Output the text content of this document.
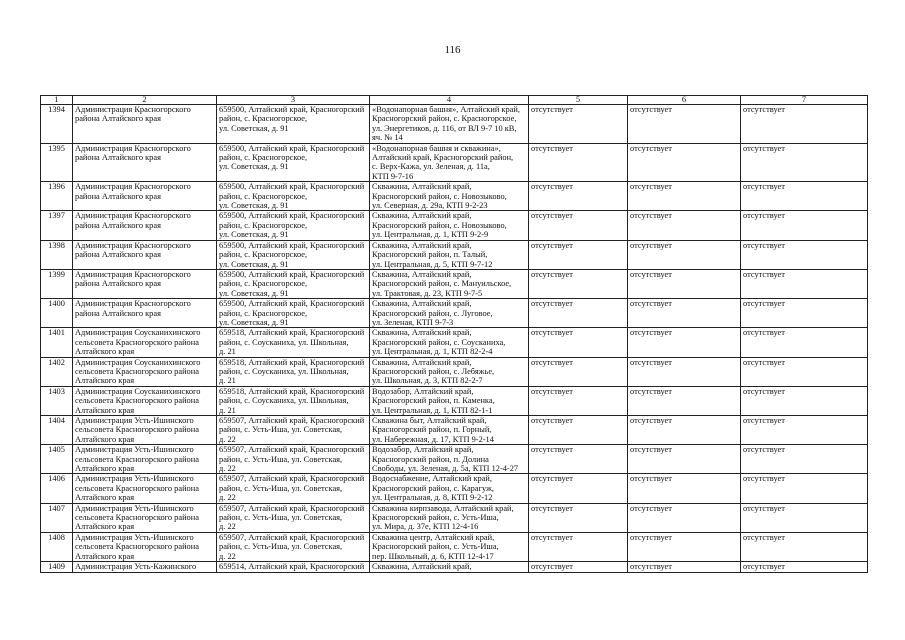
116
1	2	3	4	5	6	7
1394	Администрация Красногорского
района Алтайского края	659500, Алтайский край, Красногорский
район, с. Красногорское,
ул. Советская, д. 91	«Водонапорная башня», Алтайский край,
Красногорский район, с. Красногорское,
ул. Энергетиков, д. 116, от ВЛ 9-7 10 кВ,
яч. № 14	отсутствует	отсутствует	отсутствует
1395	Администрация Красногорского
района Алтайского края	659500, Алтайский край, Красногорский
район, с. Красногорское,
ул. Советская, д. 91	«Водонапорная башня и скважина»,
Алтайский край, Красногорский район,
с. Верх-Кажа, ул. Зеленая, д. 11а,
КТП 9-7-16	отсутствует	отсутствует	отсутствует
1396	Администрация Красногорского
района Алтайского края	659500, Алтайский край, Красногорский
район, с. Красногорское,
ул. Советская, д. 91	Скважина, Алтайский край,
Красногорский район, с. Новозыково,
ул. Северная, д. 29а, КТП 9-2-23	отсутствует	отсутствует	отсутствует
1397	Администрация Красногорского
района Алтайского края	659500, Алтайский край, Красногорский
район, с. Красногорское,
ул. Советская, д. 91	Скважина, Алтайский край,
Красногорский район, с. Новозыково,
ул. Центральная, д. 1, КТП 9-2-9	отсутствует	отсутствует	отсутствует
1398	Администрация Красногорского
района Алтайского края	659500, Алтайский край, Красногорский
район, с. Красногорское,
ул. Советская, д. 91	Скважина, Алтайский край,
Красногорский район, п. Талый,
ул. Центральная, д. 5, КТП 9-7-12	отсутствует	отсутствует	отсутствует
1399	Администрация Красногорского
района Алтайского края	659500, Алтайский край, Красногорский
район, с. Красногорское,
ул. Советская, д. 91	Скважина, Алтайский край,
Красногорский район, с. Мануильское,
ул. Трактовая, д. 23, КТП 9-7-5	отсутствует	отсутствует	отсутствует
1400	Администрация Красногорского
района Алтайского края	659500, Алтайский край, Красногорский
район, с. Красногорское,
ул. Советская, д. 91	Скважина, Алтайский край,
Красногорский район, с. Луговое,
ул. Зеленая, КТП 9-7-3	отсутствует	отсутствует	отсутствует
1401	Администрация Соусканихинского
сельсовета Красногорского района
Алтайского края	659518, Алтайский край, Красногорский
район, с. Соусканиха, ул. Школьная,
д. 21	Скважина, Алтайский край,
Красногорский район, с. Соусканиха,
ул. Центральная, д. 1, КТП 82-2-4	отсутствует	отсутствует	отсутствует
1402	Администрация Соусканихинского
сельсовета Красногорского района
Алтайского края	659518, Алтайский край, Красногорский
район, с. Соусканиха, ул. Школьная,
д. 21	Скважина, Алтайский край,
Красногорский район, с. Лебяжье,
ул. Школьная, д. 3, КТП 82-2-7	отсутствует	отсутствует	отсутствует
1403	Администрация Соусканихинского
сельсовета Красногорского района
Алтайского края	659518, Алтайский край, Красногорский
район, с. Соусканиха, ул. Школьная,
д. 21	Водозабор, Алтайский край,
Красногорский район, п. Каменка,
ул. Центральная, д. 1, КТП 82-1-1	отсутствует	отсутствует	отсутствует
1404	Администрация Усть-Ишинского
сельсовета Красногорского района
Алтайского края	659507, Алтайский край, Красногорский
район, с. Усть-Иша, ул. Советская,
д. 22	Скважина быт, Алтайский край,
Красногорский район, п. Горный,
ул. Набережная, д. 17, КТП 9-2-14	отсутствует	отсутствует	отсутствует
1405	Администрация Усть-Ишинского
сельсовета Красногорского района
Алтайского края	659507, Алтайский край, Красногорский
район, с. Усть-Иша, ул. Советская,
д. 22	Водозабор, Алтайский край,
Красногорский район, п. Долина
Свободы, ул. Зеленая, д. 5а, КТП 12-4-27	отсутствует	отсутствует	отсутствует
1406	Администрация Усть-Ишинского
сельсовета Красногорского района
Алтайского края	659507, Алтайский край, Красногорский
район, с. Усть-Иша, ул. Советская,
д. 22	Водоснабжение, Алтайский край,
Красногорский район, с. Карагуж,
ул. Центральная, д. 8, КТП 9-2-12	отсутствует	отсутствует	отсутствует
1407	Администрация Усть-Ишинского
сельсовета Красногорского района
Алтайского края	659507, Алтайский край, Красногорский
район, с. Усть-Иша, ул. Советская,
д. 22	Скважина кирпзавода, Алтайский край,
Красногорский район, с. Усть-Иша,
ул. Мира, д. 37е, КТП 12-4-16	отсутствует	отсутствует	отсутствует
1408	Администрация Усть-Ишинского
сельсовета Красногорского района
Алтайского края	659507, Алтайский край, Красногорский
район, с. Усть-Иша, ул. Советская,
д. 22	Скважина центр, Алтайский край,
Красногорский район, с. Усть-Иша,
пер. Школьный, д. 6, КТП 12-4-17	отсутствует	отсутствует	отсутствует
1409	Администрация Усть-Кажинского	659514, Алтайский край, Красногорский	Скважина, Алтайский край,	отсутствует	отсутствует	отсутствует
